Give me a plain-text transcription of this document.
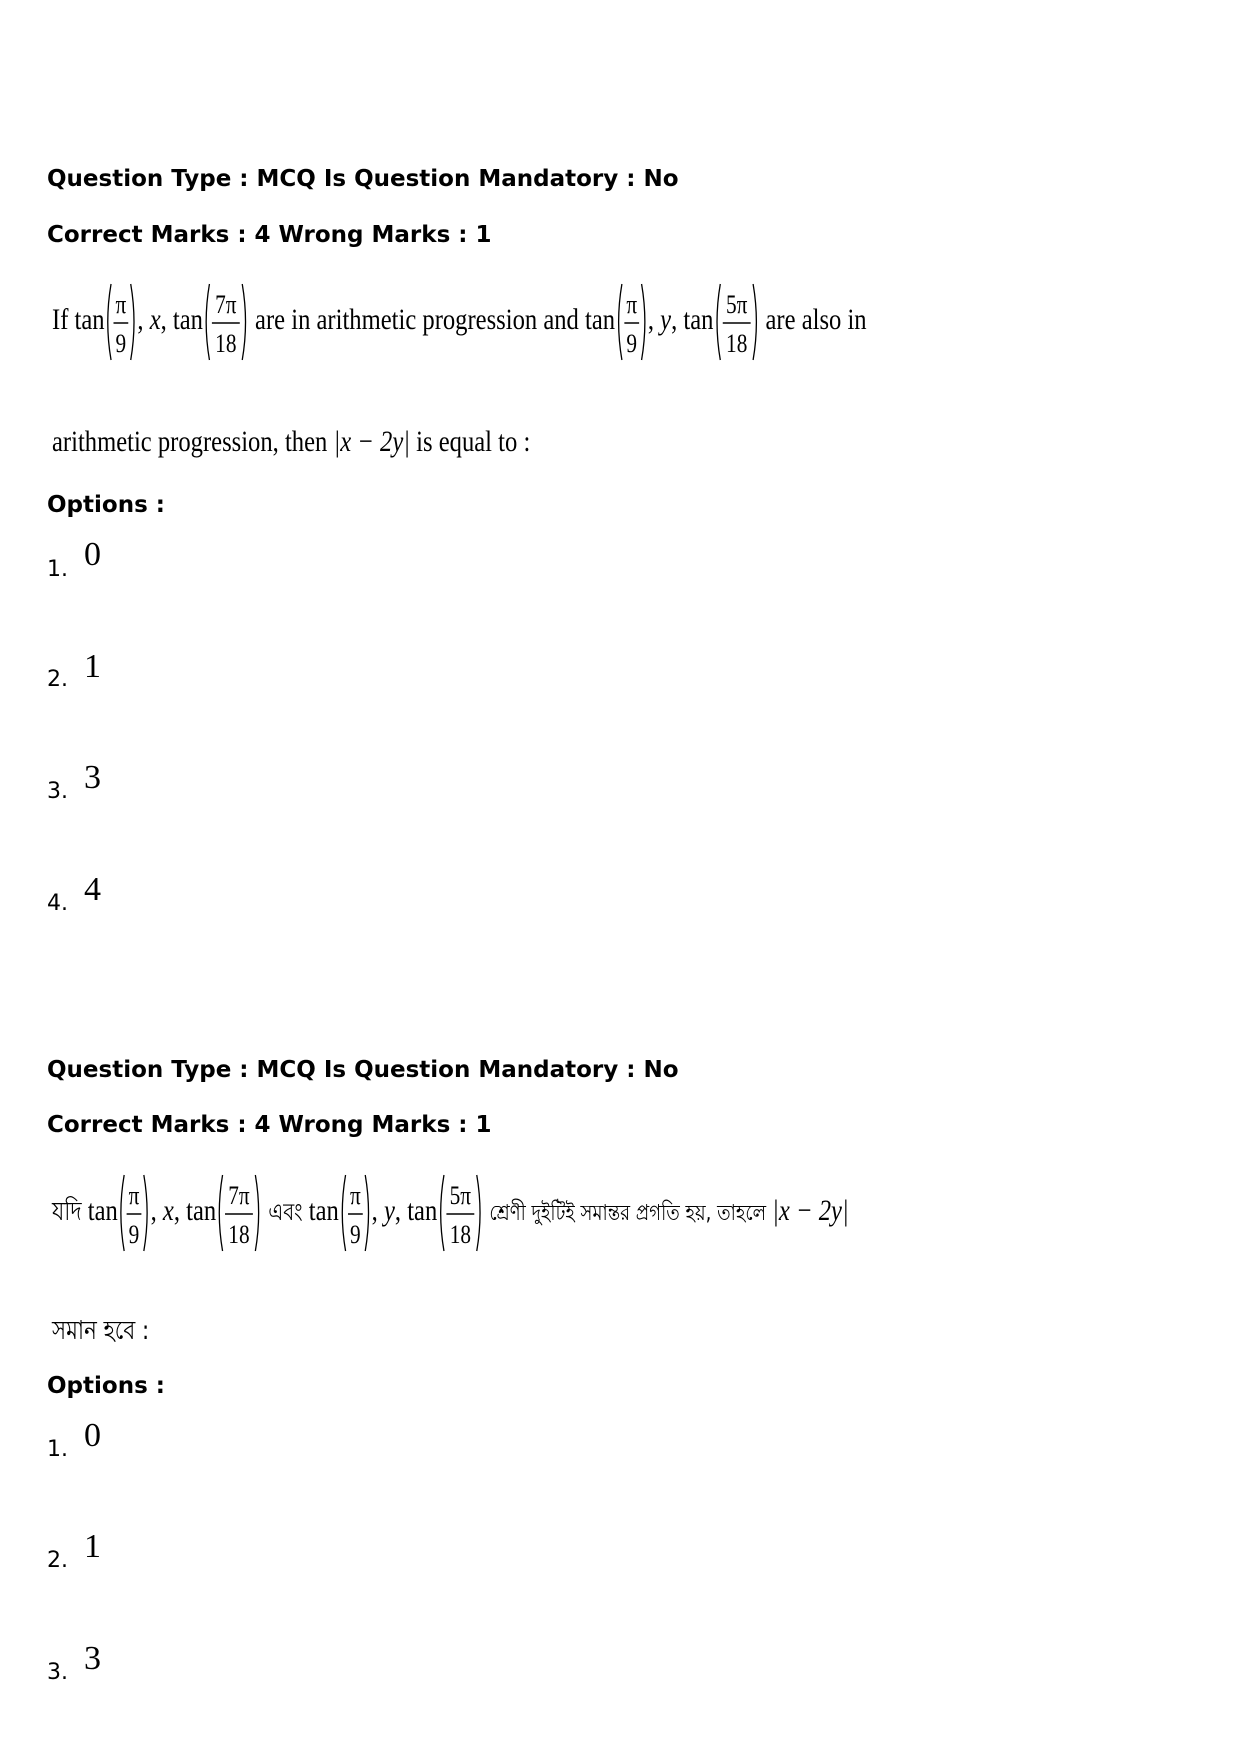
Question Type : MCQ Is Question Mandatory : No
Correct Marks : 4 Wrong Marks : 1
If tan π
9
, x, tan 7π
18
are in arithmetic progression and tan π
9
, y, tan 5π
18
are also in
arithmetic progression, then |x − 2y| is equal to :
Options :
1. 0
2. 1
3. 3
4. 4
Question Type : MCQ Is Question Mandatory : No
Correct Marks : 4 Wrong Marks : 1
যদি tan π
9
, x, tan 7π
18
এবং tan π
9
, y, tan 5π
18
শ্রেণী দুইটিই সমান্তর প্রগতি হয়, তাহলে |x − 2y|
সমান হবে :
Options :
1. 0
2. 1
3. 3
